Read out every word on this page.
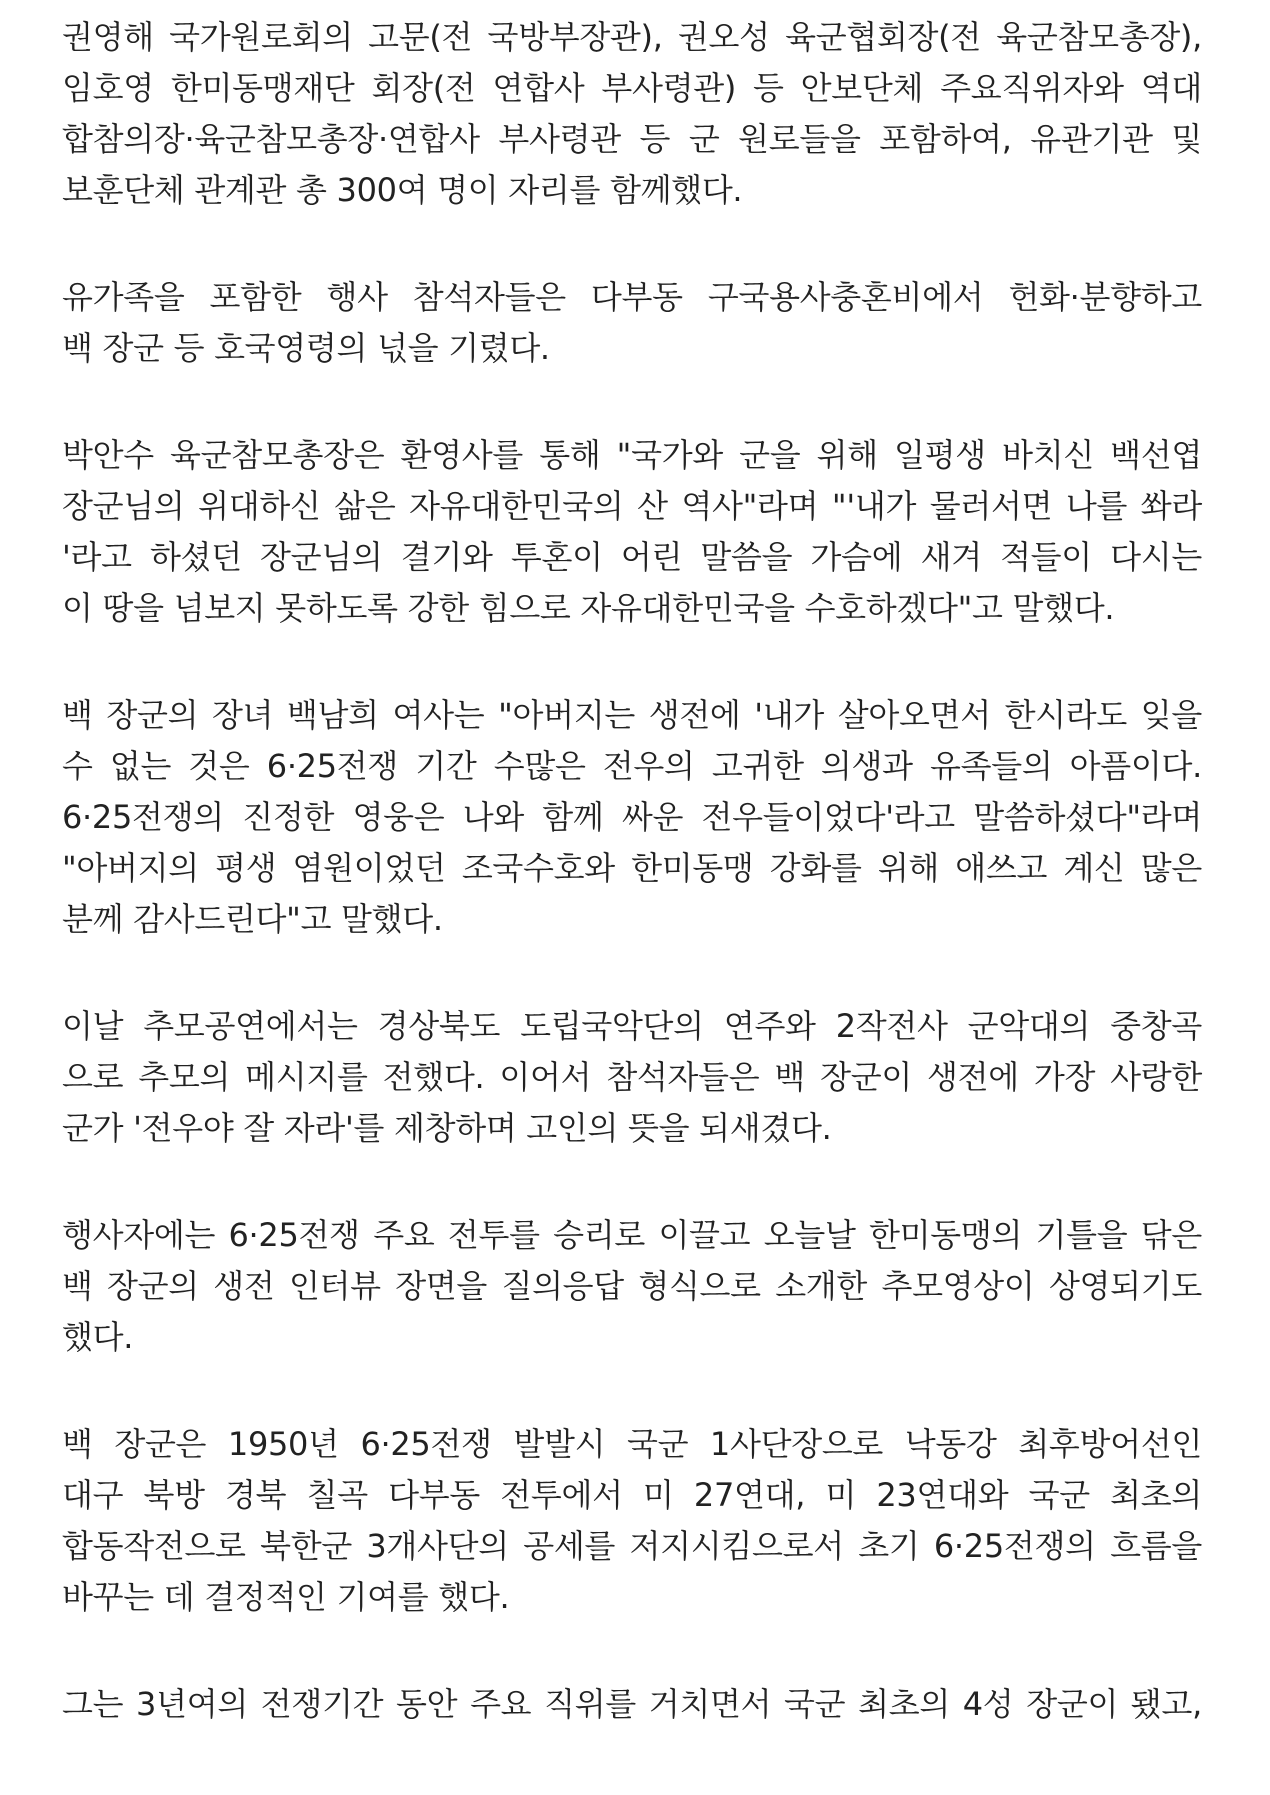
권영해 국가원로회의 고문(전 국방부장관), 권오성 육군협회장(전 육군참모총장),
임호영 한미동맹재단 회장(전 연합사 부사령관) 등 안보단체 주요직위자와 역대
합참의장·육군참모총장·연합사 부사령관 등 군 원로들을 포함하여, 유관기관 및
보훈단체 관계관 총 300여 명이 자리를 함께했다.
유가족을 포함한 행사 참석자들은 다부동 구국용사충혼비에서 헌화·분향하고
백 장군 등 호국영령의 넋을 기렸다.
박안수 육군참모총장은 환영사를 통해 "국가와 군을 위해 일평생 바치신 백선엽
장군님의 위대하신 삶은 자유대한민국의 산 역사"라며 "'내가 물러서면 나를 쏴라
'라고 하셨던 장군님의 결기와 투혼이 어린 말씀을 가슴에 새겨 적들이 다시는
이 땅을 넘보지 못하도록 강한 힘으로 자유대한민국을 수호하겠다"고 말했다.
백 장군의 장녀 백남희 여사는 "아버지는 생전에 '내가 살아오면서 한시라도 잊을
수 없는 것은 6·25전쟁 기간 수많은 전우의 고귀한 의생과 유족들의 아픔이다.
6·25전쟁의 진정한 영웅은 나와 함께 싸운 전우들이었다'라고 말씀하셨다"라며
"아버지의 평생 염원이었던 조국수호와 한미동맹 강화를 위해 애쓰고 계신 많은
분께 감사드린다"고 말했다.
이날 추모공연에서는 경상북도 도립국악단의 연주와 2작전사 군악대의 중창곡
으로 추모의 메시지를 전했다. 이어서 참석자들은 백 장군이 생전에 가장 사랑한
군가 '전우야 잘 자라'를 제창하며 고인의 뜻을 되새겼다.
행사자에는 6·25전쟁 주요 전투를 승리로 이끌고 오늘날 한미동맹의 기틀을 닦은
백 장군의 생전 인터뷰 장면을 질의응답 형식으로 소개한 추모영상이 상영되기도
했다.
백 장군은 1950년 6·25전쟁 발발시 국군 1사단장으로 낙동강 최후방어선인
대구 북방 경북 칠곡 다부동 전투에서 미 27연대, 미 23연대와 국군 최초의
합동작전으로 북한군 3개사단의 공세를 저지시킴으로서 초기 6·25전쟁의 흐름을
바꾸는 데 결정적인 기여를 했다.
그는 3년여의 전쟁기간 동안 주요 직위를 거치면서 국군 최초의 4성 장군이 됐고,
